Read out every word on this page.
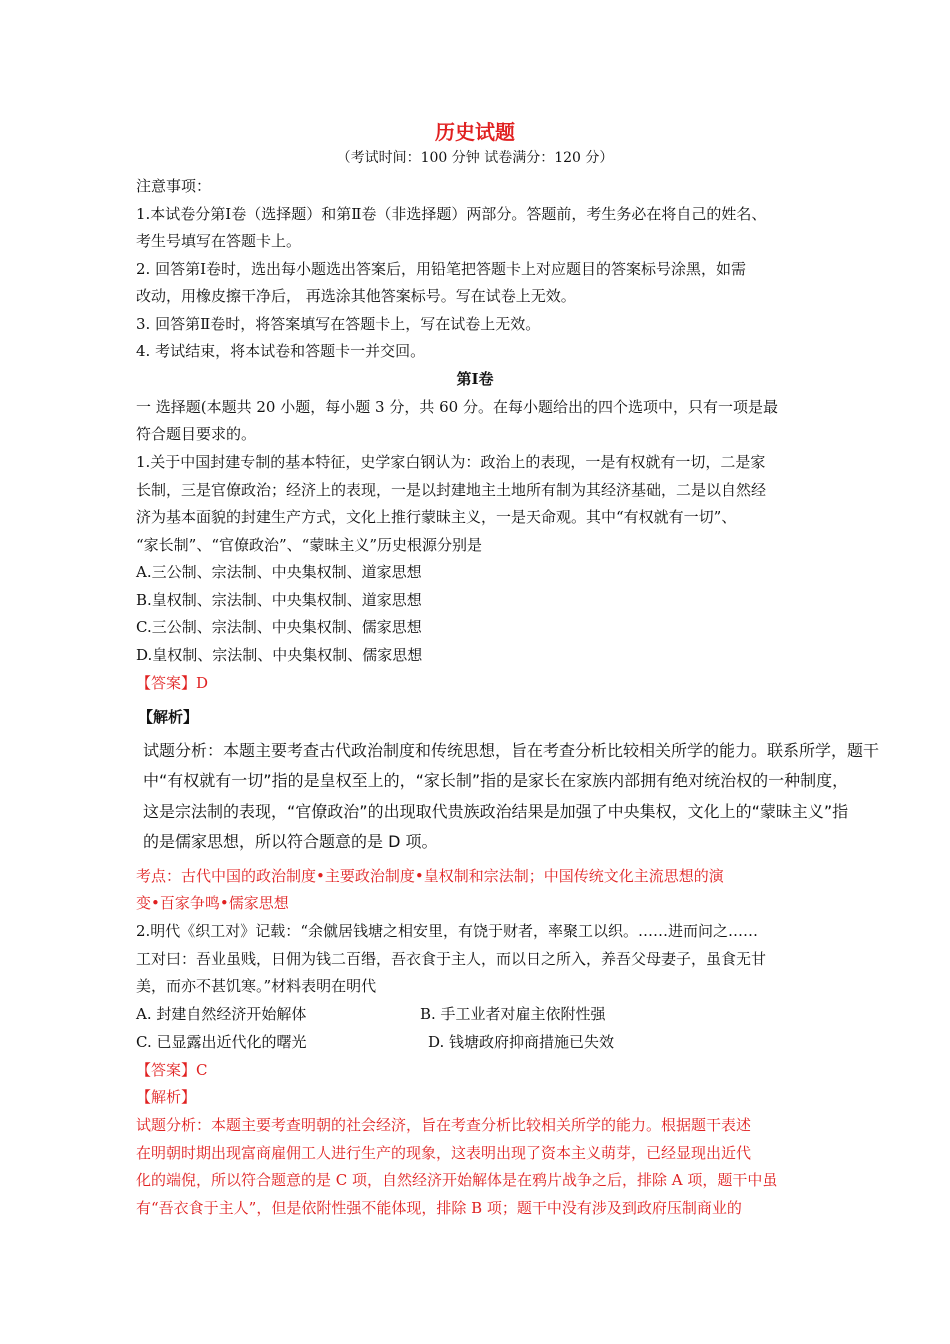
历史试题
（考试时间：100 分钟 试卷满分：120 分）
注意事项：
1.本试卷分第Ⅰ卷（选择题）和第Ⅱ卷（非选择题）两部分。答题前，考生务必在将自己的姓名、
考生号填写在答题卡上。
2. 回答第Ⅰ卷时，选出每小题选出答案后，用铅笔把答题卡上对应题目的答案标号涂黑，如需
改动，用橡皮擦干净后， 再选涂其他答案标号。写在试卷上无效。
3. 回答第Ⅱ卷时，将答案填写在答题卡上，写在试卷上无效。
4. 考试结束，将本试卷和答题卡一并交回。
第Ⅰ卷
一 选择题(本题共 20 小题，每小题 3 分，共 60 分。在每小题给出的四个选项中，只有一项是最
符合题目要求的。
1.关于中国封建专制的基本特征，史学家白钢认为：政治上的表现，一是有权就有一切，二是家
长制，三是官僚政治；经济上的表现，一是以封建地主土地所有制为其经济基础，二是以自然经
济为基本面貌的封建生产方式，文化上推行蒙昧主义，一是天命观。其中“有权就有一切”、
“家长制”、“官僚政治”、“蒙昧主义”历史根源分别是
A.三公制、宗法制、中央集权制、道家思想
B.皇权制、宗法制、中央集权制、道家思想
C.三公制、宗法制、中央集权制、儒家思想
D.皇权制、宗法制、中央集权制、儒家思想
【答案】D
【解析】
试题分析：本题主要考查古代政治制度和传统思想，旨在考查分析比较相关所学的能力。联系所学，题干
中“有权就有一切”指的是皇权至上的，“家长制”指的是家长在家族内部拥有绝对统治权的一种制度，
这是宗法制的表现，“官僚政治”的出现取代贵族政治结果是加强了中央集权，文化上的“蒙昧主义”指
的是儒家思想，所以符合题意的是 D 项。
考点：古代中国的政治制度•主要政治制度•皇权制和宗法制；中国传统文化主流思想的演
变•百家争鸣•儒家思想
2.明代《织工对》记载：“余僦居钱塘之相安里，有饶于财者，率聚工以织。……进而问之……
工对曰：吾业虽贱，日佣为钱二百缗，吾衣食于主人，而以日之所入，养吾父母妻子，虽食无甘
美，而亦不甚饥寒。”材料表明在明代
A. 封建自然经济开始解体	B. 手工业者对雇主依附性强
C. 已显露出近代化的曙光	D. 钱塘政府抑商措施已失效
【答案】C
【解析】
试题分析：本题主要考查明朝的社会经济，旨在考查分析比较相关所学的能力。根据题干表述
在明朝时期出现富商雇佣工人进行生产的现象，这表明出现了资本主义萌芽，已经显现出近代
化的端倪，所以符合题意的是 C 项，自然经济开始解体是在鸦片战争之后，排除 A 项，题干中虽
有“吾衣食于主人”，但是依附性强不能体现，排除 B 项；题干中没有涉及到政府压制商业的
